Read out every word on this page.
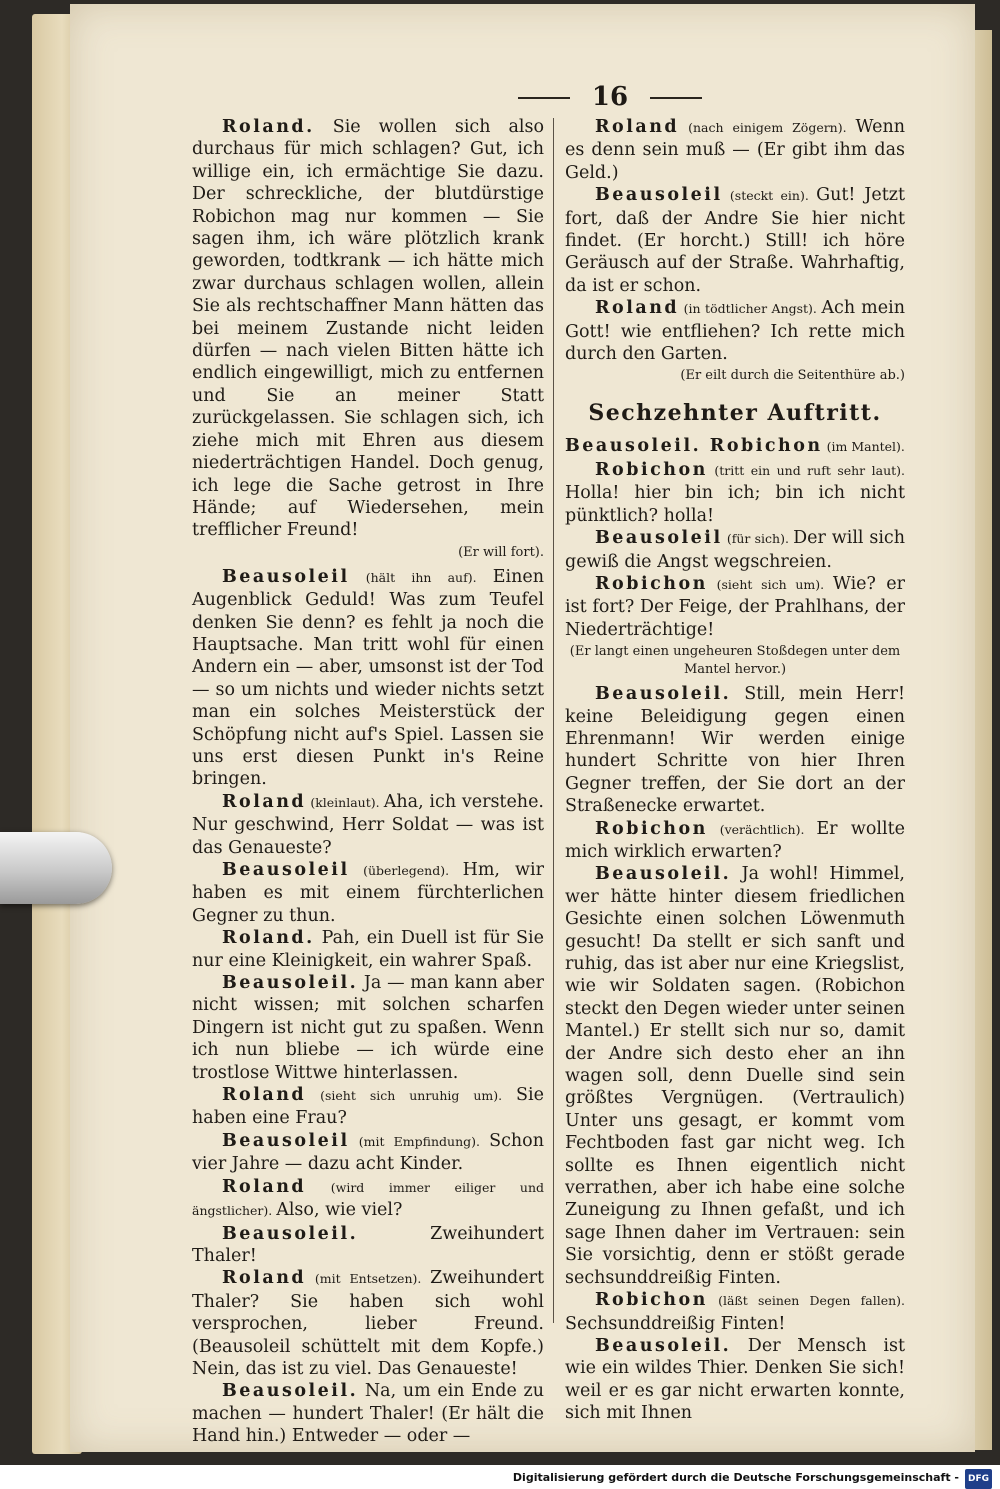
16

Roland. Sie wollen sich also durchaus für mich schlagen? Gut, ich willige ein, ich ermächtige Sie dazu. Der schreckliche, der blutdürstige Robichon mag nur kommen — Sie sagen ihm, ich wäre plötzlich krank geworden, todtkrank — ich hätte mich zwar durchaus schlagen wollen, allein Sie als rechtschaffner Mann hätten das bei meinem Zustande nicht leiden dürfen — nach vielen Bitten hätte ich endlich eingewilligt, mich zu entfernen und Sie an meiner Statt zurückgelassen. Sie schlagen sich, ich ziehe mich mit Ehren aus diesem niederträchtigen Handel. Doch genug, ich lege die Sache getrost in Ihre Hände; auf Wiedersehen, mein trefflicher Freund!

(Er will fort).

Beausoleil (hält ihn auf). Einen Augenblick Geduld! Was zum Teufel denken Sie denn? es fehlt ja noch die Hauptsache. Man tritt wohl für einen Andern ein — aber, umsonst ist der Tod — so um nichts und wieder nichts setzt man ein solches Meisterstück der Schöpfung nicht auf's Spiel. Lassen sie uns erst diesen Punkt in's Reine bringen.

Roland (kleinlaut). Aha, ich verstehe. Nur geschwind, Herr Soldat — was ist das Genaueste?

Beausoleil (überlegend). Hm, wir haben es mit einem fürchterlichen Gegner zu thun.

Roland. Pah, ein Duell ist für Sie nur eine Kleinigkeit, ein wahrer Spaß.

Beausoleil. Ja — man kann aber nicht wissen; mit solchen scharfen Dingern ist nicht gut zu spaßen. Wenn ich nun bliebe — ich würde eine trostlose Wittwe hinterlassen.

Roland (sieht sich unruhig um). Sie haben eine Frau?

Beausoleil (mit Empfindung). Schon vier Jahre — dazu acht Kinder.

Roland (wird immer eiliger und ängstlicher). Also, wie viel?

Beausoleil. Zweihundert Thaler!

Roland (mit Entsetzen). Zweihundert Thaler? Sie haben sich wohl versprochen, lieber Freund. (Beausoleil schüttelt mit dem Kopfe.) Nein, das ist zu viel. Das Genaueste!

Beausoleil. Na, um ein Ende zu machen — hundert Thaler! (Er hält die Hand hin.) Entweder — oder —

Roland (nach einigem Zögern). Wenn es denn sein muß — (Er gibt ihm das Geld.)

Beausoleil (steckt ein). Gut! Jetzt fort, daß der Andre Sie hier nicht findet. (Er horcht.) Still! ich höre Geräusch auf der Straße. Wahrhaftig, da ist er schon.

Roland (in tödtlicher Angst). Ach mein Gott! wie entfliehen? Ich rette mich durch den Garten.

(Er eilt durch die Seitenthüre ab.)

Sechzehnter Auftritt.

Beausoleil. Robichon (im Mantel).

Robichon (tritt ein und ruft sehr laut). Holla! hier bin ich; bin ich nicht pünktlich? holla!

Beausoleil (für sich). Der will sich gewiß die Angst wegschreien.

Robichon (sieht sich um). Wie? er ist fort? Der Feige, der Prahlhans, der Niederträchtige!

(Er langt einen ungeheuren Stoßdegen unter dem Mantel hervor.)

Beausoleil. Still, mein Herr! keine Beleidigung gegen einen Ehrenmann! Wir werden einige hundert Schritte von hier Ihren Gegner treffen, der Sie dort an der Straßenecke erwartet.

Robichon (verächtlich). Er wollte mich wirklich erwarten?

Beausoleil. Ja wohl! Himmel, wer hätte hinter diesem friedlichen Gesichte einen solchen Löwenmuth gesucht! Da stellt er sich sanft und ruhig, das ist aber nur eine Kriegslist, wie wir Soldaten sagen. (Robichon steckt den Degen wieder unter seinen Mantel.) Er stellt sich nur so, damit der Andre sich desto eher an ihn wagen soll, denn Duelle sind sein größtes Vergnügen. (Vertraulich) Unter uns gesagt, er kommt vom Fechtboden fast gar nicht weg. Ich sollte es Ihnen eigentlich nicht verrathen, aber ich habe eine solche Zuneigung zu Ihnen gefaßt, und ich sage Ihnen daher im Vertrauen: sein Sie vorsichtig, denn er stößt gerade sechsunddreißig Finten.

Robichon (läßt seinen Degen fallen). Sechsunddreißig Finten!

Beausoleil. Der Mensch ist wie ein wildes Thier. Denken Sie sich! weil er es gar nicht erwarten konnte, sich mit Ihnen

Digitalisierung gefördert durch die Deutsche Forschungsgemeinschaft - DFG
